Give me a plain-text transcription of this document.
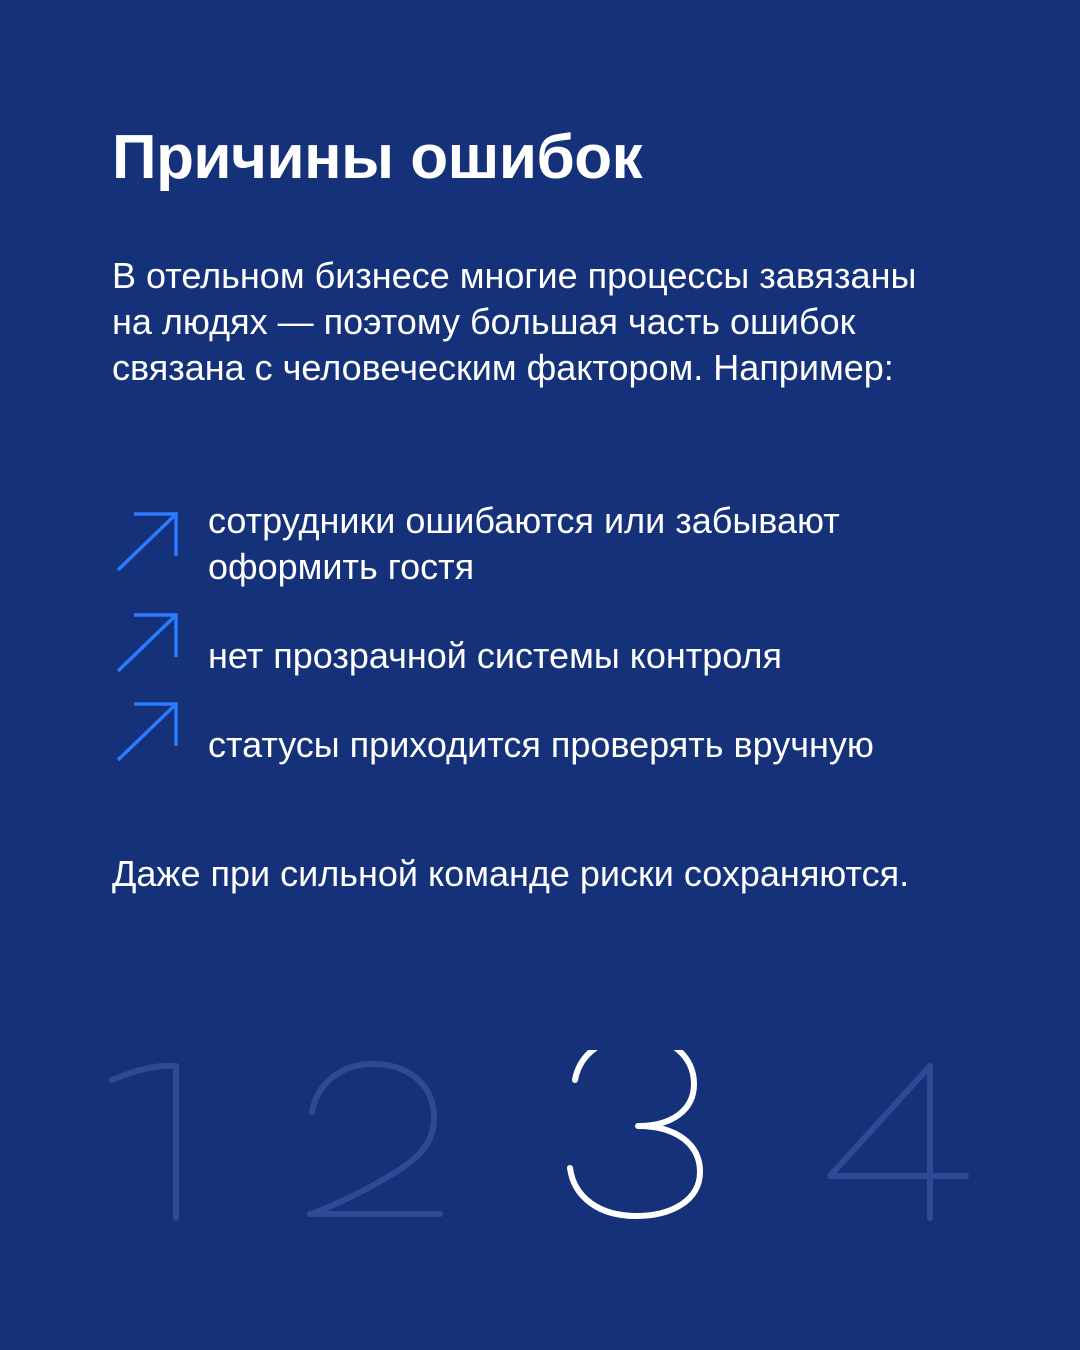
Причины ошибок

В отельном бизнесе многие процессы завязаны на людях — поэтому большая часть ошибок связана с человеческим фактором. Например:

сотрудники ошибаются или забывают оформить гостя
нет прозрачной системы контроля
статусы приходится проверять вручную

Даже при сильной команде риски сохраняются.
